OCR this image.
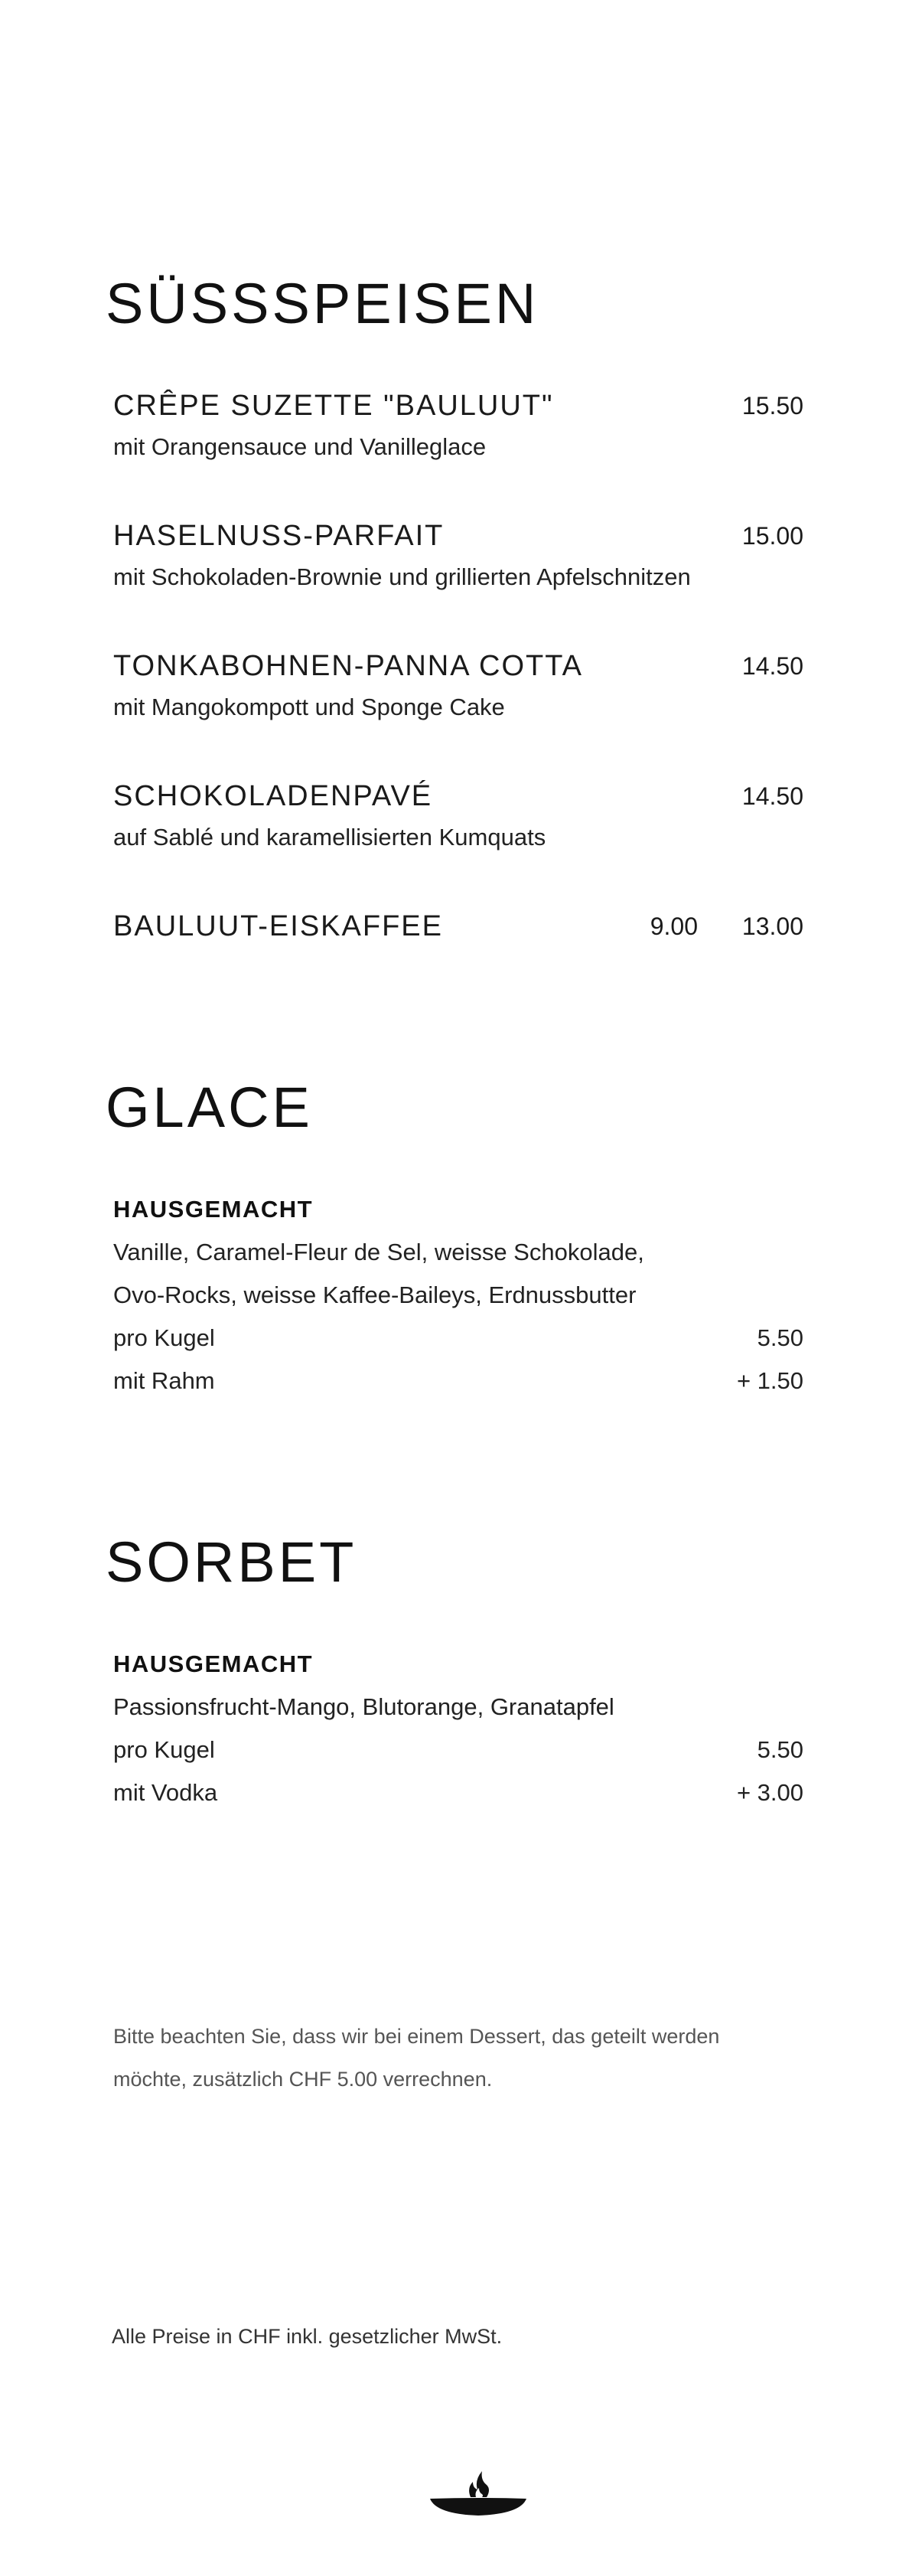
SÜSSSPEISEN
CRÊPE SUZETTE "BAULUUT"	15.50
mit Orangensauce und Vanilleglace
HASELNUSS-PARFAIT	15.00
mit Schokoladen-Brownie und grillierten Apfelschnitzen
TONKABOHNEN-PANNA COTTA	14.50
mit Mangokompott und Sponge Cake
SCHOKOLADENPAVÉ	14.50
auf Sablé und karamellisierten Kumquats
BAULUUT-EISKAFFEE	9.00 13.00
GLACE
HAUSGEMACHT
Vanille, Caramel-Fleur de Sel, weisse Schokolade,
Ovo-Rocks, weisse Kaffee-Baileys, Erdnussbutter
pro Kugel	5.50
mit Rahm	+ 1.50
SORBET
HAUSGEMACHT
Passionsfrucht-Mango, Blutorange, Granatapfel
pro Kugel	5.50
mit Vodka	+ 3.00
Bitte beachten Sie, dass wir bei einem Dessert, das geteilt werden
möchte, zusätzlich CHF 5.00 verrechnen.
Alle Preise in CHF inkl. gesetzlicher MwSt.
